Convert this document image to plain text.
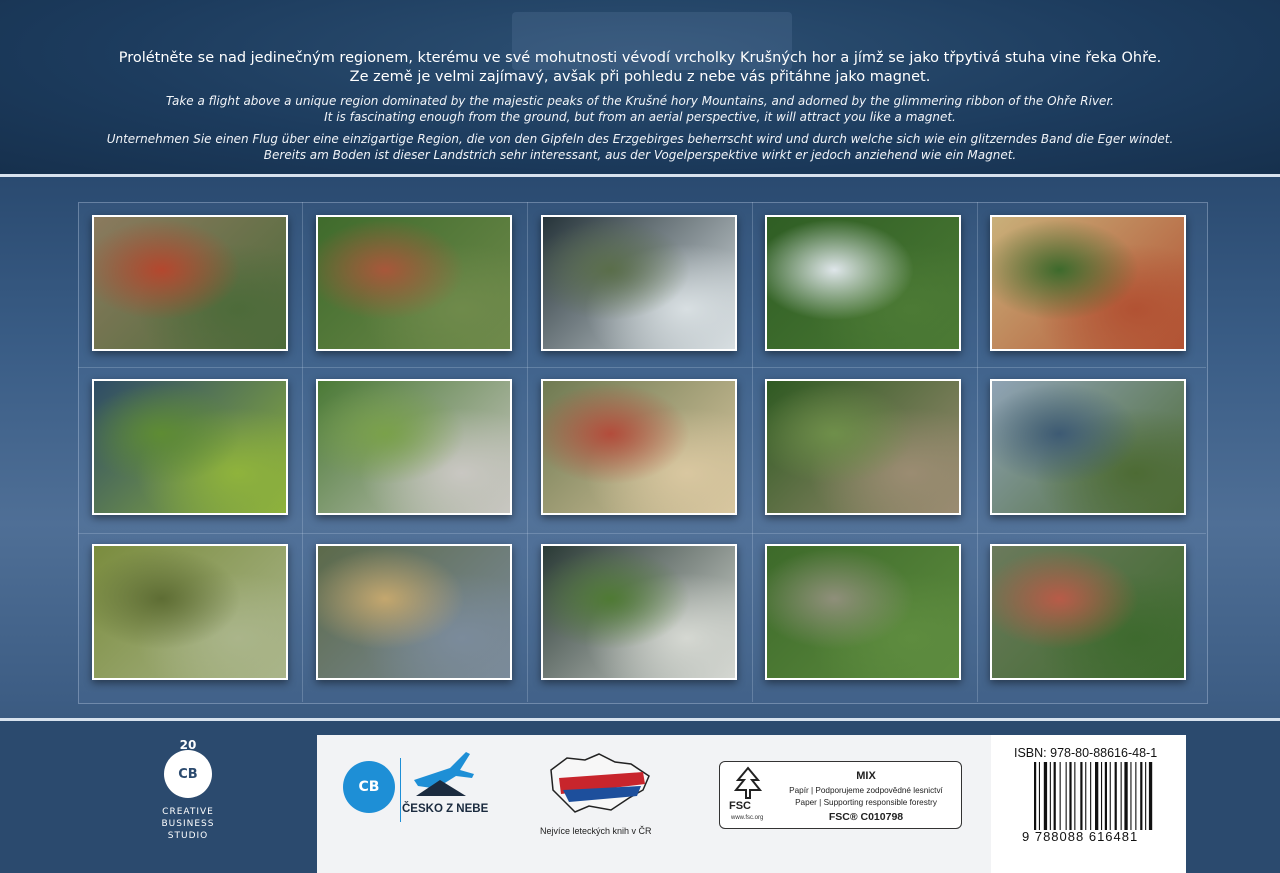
Prolétněte se nad jedinečným regionem, kterému ve své mohutnosti vévodí vrcholky Krušných hor a jímž se jako třpytivá stuha vine řeka Ohře.
Ze země je velmi zajímavý, avšak při pohledu z nebe vás přitáhne jako magnet.
Take a flight above a unique region dominated by the majestic peaks of the Krušné hory Mountains, and adorned by the glimmering ribbon of the Ohře River.
It is fascinating enough from the ground, but from an aerial perspective, it will attract you like a magnet.
Unternehmen Sie einen Flug über eine einzigartige Region, die von den Gipfeln des Erzgebirges beherrscht wird und durch welche sich wie ein glitzerndes Band die Eger windet.
Bereits am Boden ist dieser Landstrich sehr interessant, aus der Vogelperspektive wirkt er jedoch anziehend wie ein Magnet.
20
CB
CREATIVE
BUSINESS STUDIO
CB
ČESKO Z NEBE
Nejvíce leteckých knih v ČR
FSC
www.fsc.org
MIX
Papír | Podporujeme zodpovědné lesnictví
Paper | Supporting responsible forestry
FSC® C010798
ISBN: 978-80-88616-48-1
9 788088 616481
